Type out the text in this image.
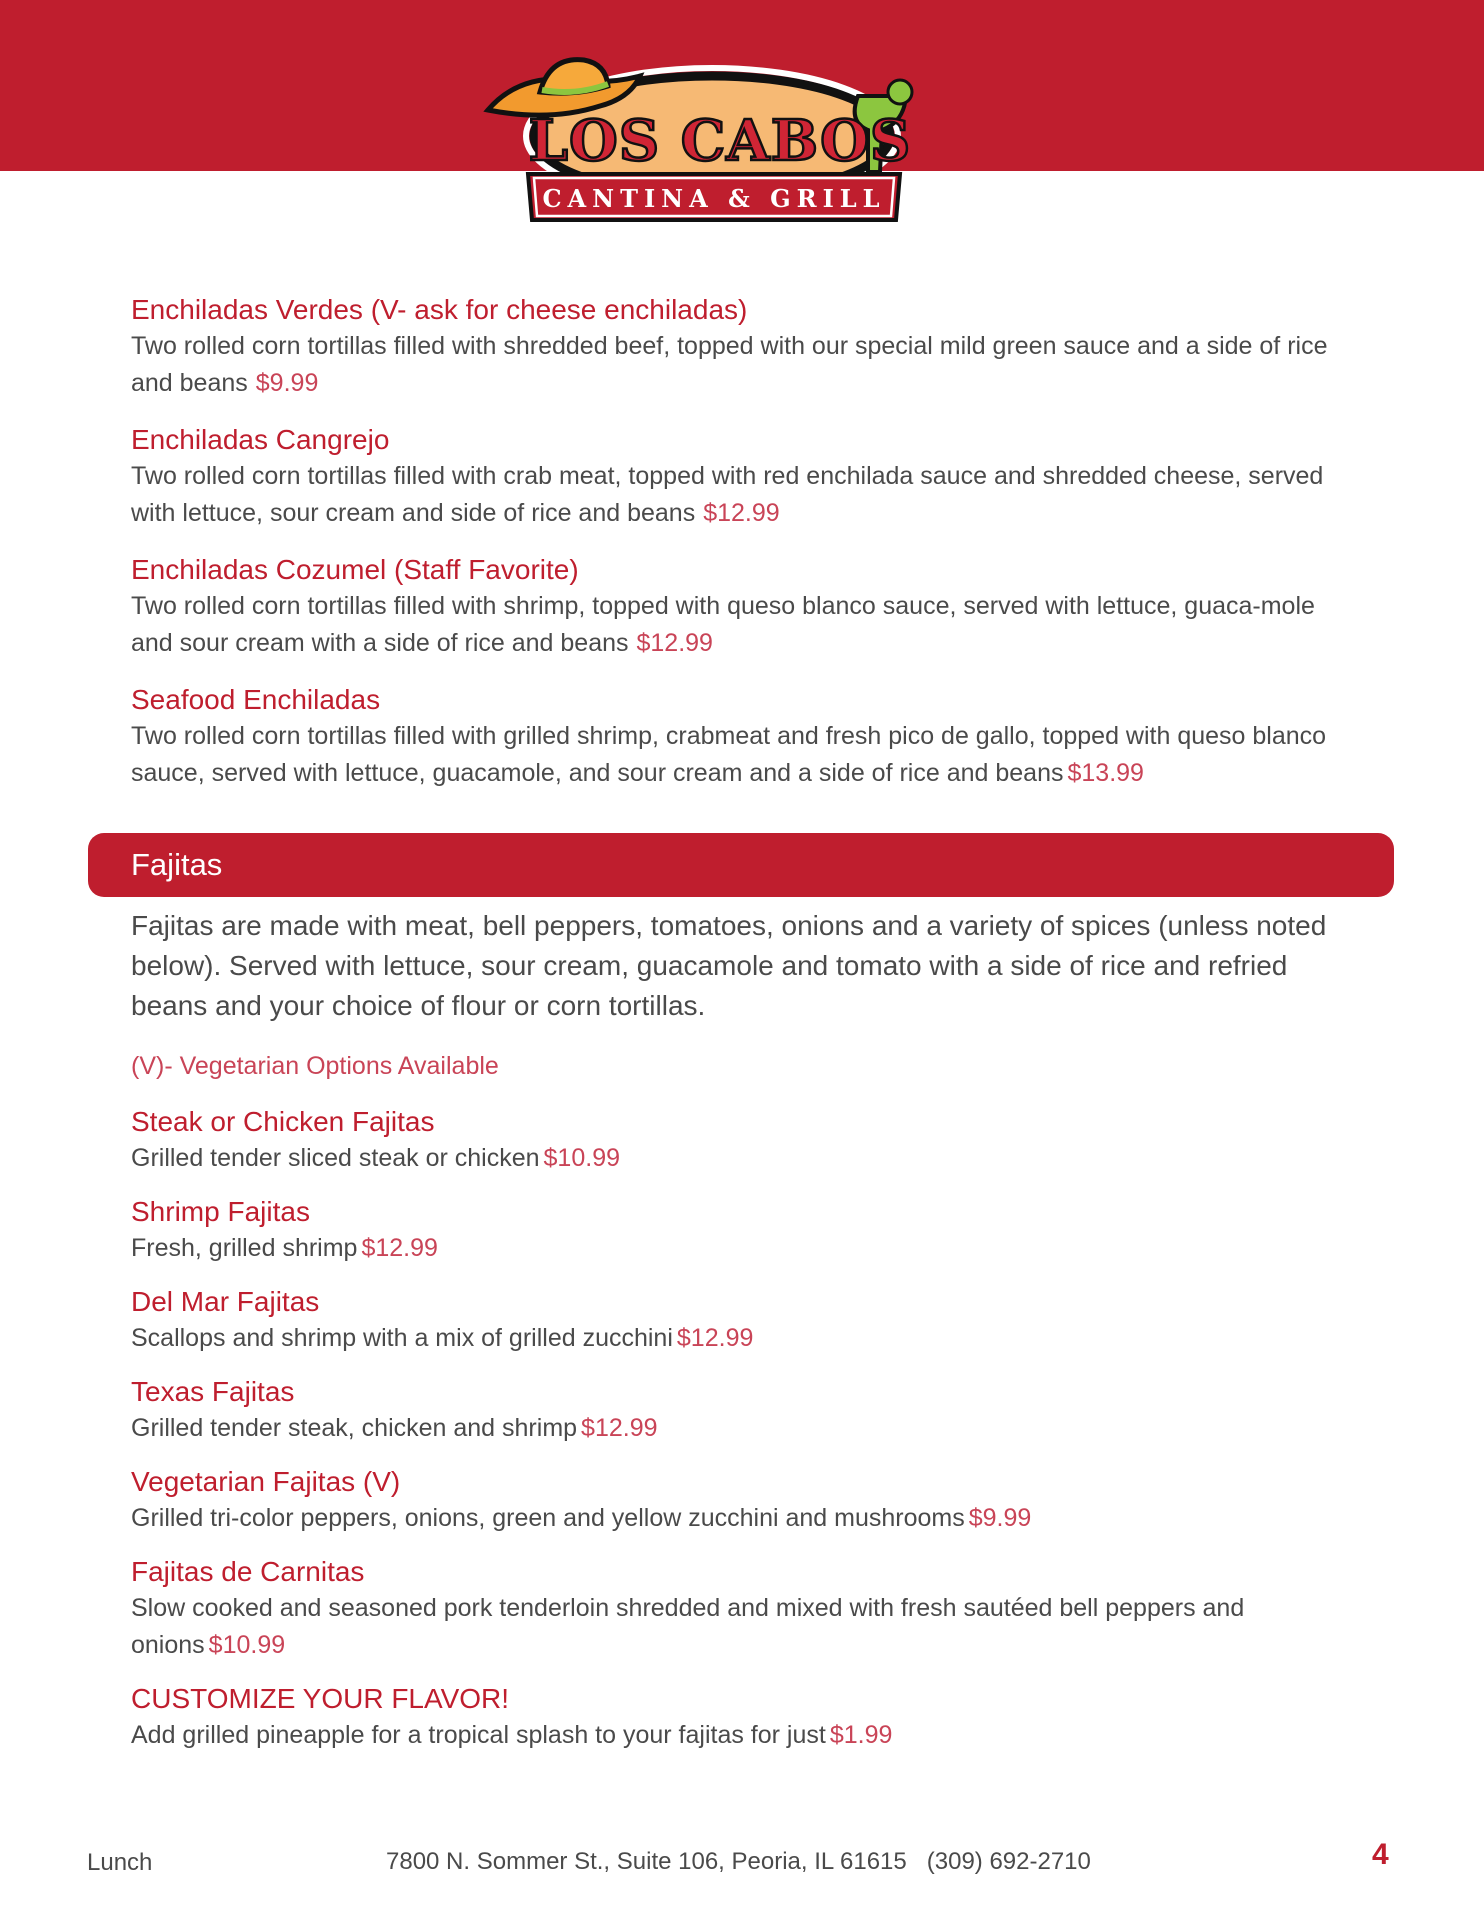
LOS CABOS
CANTINA & GRILL
Enchiladas Verdes (V- ask for cheese enchiladas)

Two rolled corn tortillas filled with shredded beef, topped with our special mild green sauce and a side of rice and beans $9.99

Enchiladas Cangrejo

Two rolled corn tortillas filled with crab meat, topped with red enchilada sauce and shredded cheese, served with lettuce, sour cream and side of rice and beans $12.99

Enchiladas Cozumel (Staff Favorite)

Two rolled corn tortillas filled with shrimp, topped with queso blanco sauce, served with lettuce, guaca-mole and sour cream with a side of rice and beans $12.99

Seafood Enchiladas

Two rolled corn tortillas filled with grilled shrimp, crabmeat and fresh pico de gallo, topped with queso blanco sauce, served with lettuce, guacamole, and sour cream and a side of rice and beans $13.99

Fajitas

Fajitas are made with meat, bell peppers, tomatoes, onions and a variety of spices (unless noted below). Served with lettuce, sour cream, guacamole and tomato with a side of rice and refried beans and your choice of flour or corn tortillas.

(V)- Vegetarian Options Available

Steak or Chicken Fajitas

Grilled tender sliced steak or chicken $10.99

Shrimp Fajitas

Fresh, grilled shrimp $12.99

Del Mar Fajitas

Scallops and shrimp with a mix of grilled zucchini $12.99

Texas Fajitas

Grilled tender steak, chicken and shrimp $12.99

Vegetarian Fajitas (V)

Grilled tri-color peppers, onions, green and yellow zucchini and mushrooms $9.99

Fajitas de Carnitas

Slow cooked and seasoned pork tenderloin shredded and mixed with fresh sautéed bell peppers and onions $10.99

CUSTOMIZE YOUR FLAVOR!

Add grilled pineapple for a tropical splash to your fajitas for just $1.99

Lunch	7800 N. Sommer St., Suite 106, Peoria, IL 61615   (309) 692-2710	4
